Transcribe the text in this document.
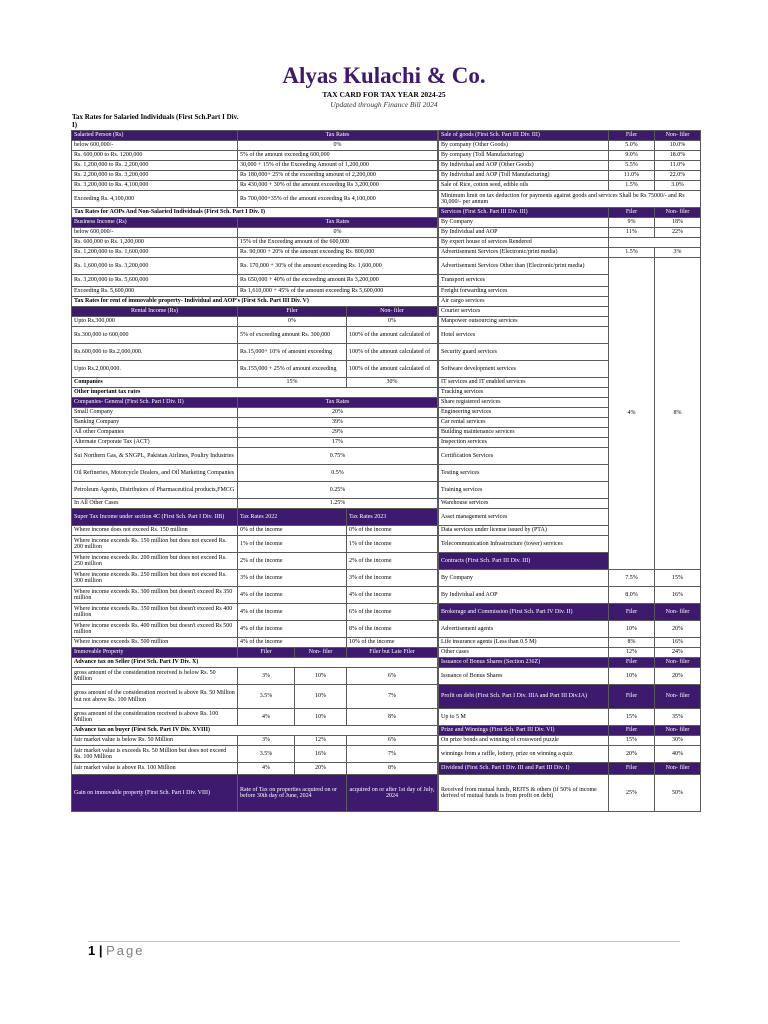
Alyas Kulachi & Co.
TAX CARD FOR TAX YEAR 2024-25
Updated through Finance Bill 2024
Tax Rates for Salaried Individuals (First Sch.Part I Div. I)
Salaried Person (Rs)	Tax Rates		
below 600,000/-	0%		
Rs. 600,000 to Rs. 1200,000	5% of the amount exceeding 600,000		
Rs. 1,200,000 to Rs. 2,200,000	30,000 + 15% of the Exceeding Amount of 1,200,000		
Rs. 2,200,000 to Rs. 3,200,000	Rs 180,000+ 25% of the exceeding amount of 2,200,000		
Rs. 3,200,000 to Rs. 4,100,000	Rs 430,000 + 30% of the amount exceeding Rs 3,200,000		
Exceeding Rs. 4,100,000	Rs 700,000+35% of the amount exceeding Rs 4,100,000		
Tax Rates for AOPs And Non-Salaried Individuals (First Sch. Part I Div. I)			
Business Income (Rs)	Tax Rates		
below 600,000/-	0%		
Rs. 600,000 to Rs. 1,200,000	15% of the Exceeding amount of the 600,000		
Rs. 1,200,000 to Rs. 1,600,000	Rs. 90,000 + 20% of the amount exceeding Rs. 800,000		
Rs. 1,600,000 to Rs. 3,200,000	Rs. 170,000 + 30% of the amount exceeding Rs. 1,600,000		
Rs. 3,200,000 to Rs. 5,600,000	Rs 650,000 + 40% of the exceeding amount Rs 3,200,000		
Exceeding Rs. 5,600,000	Rs 1,610,000 + 45% of the amount exceeding Rs 5,600,000		
Tax Rates for rent of immovable property- Individual and AOP's (First Sch. Part III Div. V)			
Rental Income (Rs)	Filer		Non- filer
Upto Rs.300,000	0%		0%
Rs.300,000 to 600,000	5% of exceeding amount Rs. 300,000		100% of the amount calculated of
Rs.600,000 to Rs.2,000,000.	Rs.15,000+ 10% of amount exceeding		100% of the amount calculated of
Upto Rs.2,000,000.	Rs.155,000 + 25% of amount exceeding		100% of the amount calculated of
Companies	15%		30%
Other important tax rates			
Companies- General (First Sch. Part I Div. II)	Tax Rates		
Small Company	20%		
Banking Company	39%		
All other Companies	29%		
Alternate Corporate Tax (ACT)	17%		
Sui Northern Gas, & SNGPL, Pakistan Airlines, Poultry Industries	0.75%		
Oil Refineries, Motorcycle Dealers, and Oil Marketing Companies	0.5%		
Petroleum Agents, Distributors of Pharmaceutical products,FMCG	0.25%		
In All Other Cases	1.25%		
Super Tax Income under section 4C (First Sch. Part I Div. IIB)	Tax Rates 2022		Tax Rates 2023
Where income does not exceed Rs. 150 million	0% of the income		0% of the income
Where income exceeds Rs. 150 million but does not exceed Rs. 200 million	1% of the income		1% of the income
Where income exceeds Rs. 200 million but does not exceed Rs. 250 million	2% of the income		2% of the income
Where income exceeds Rs. 250 million but does not exceed Rs. 300 million	3% of the income		3% of the income
Where income exceeds Rs. 300 million but doesn't exceed Rs 350 million	4% of the income		4% of the income
Where income exceeds Rs. 350 million but doesn't exceed Rs 400 million	4% of the income		6% of the income
Where income exceeds Rs. 400 million but doesn't exceed Rs 500 million	4% of the income		8% of the income
Where income exceeds Rs. 500 million	4% of the income		10% of the income
Immovable Property	Filer	Non- filer	Filer but Late Filer
Advance tax on Seller (First Sch. Part IV Div. X)			
gross amount of the consideration received is below Rs. 50 Million	3%	10%	6%
gross amount of the consideration received is above Rs. 50 Million but not above Rs. 100 Million	3.5%	10%	7%
gross amount of the consideration received is above Rs. 100 Million	4%	10%	8%
Advance tax on buyer (First Sch. Part IV Div. XVIII)			
fair market value is below Rs. 50 Million	3%	12%	6%
fair market value is exceeds Rs. 50 Million but does not exceed Rs. 100 Million	3.5%	16%	7%
fair market value is above Rs. 100 Million	4%	20%	8%
Gain on immovable property (First Sch. Part I Div. VIII)	Rate of Tax on properties acquired on or before 30th day of June, 2024		acquired on or after 1st day of July, 2024
Sale of goods (First Sch. Part III Div. III)	Filer	Non- filer	
By company (Other Goods)	5.0%	10.0%	
By company (Toll Manufacturing)	9.0%	18.0%	
By Individual and AOP (Other Goods)	5.5%	11.0%	
By Individual and AOP (Toll Manufacturing)	11.0%	22.0%	
Sale of Rice, cotton seed, edible oils	1.5%	3.0%	
Minimum limit on tax deduction for payments against goods and services Shall be Rs 75000/- and Rs 30,000/- per annum			
Services (First Sch. Part III Div. III)	Filer	Non- filer	
By Company	9%	18%	
By Individual and AOP	11%	22%	
By expert house of services Rendered			
Advertisement Services (Electronic/print media)	1.5%	3%	
Advertisement Services Other than (Electronic/print media)	4%	8%	
Transport services			
Freight forwarding services			
Air cargo services			
Courier services			
Manpower outsourcing services			
Hotel services			
Security guard services			
Software development services			
IT services and IT enabled services			
Tracking services			
Share registered services			
Engineering services			
Car rental services			
Building maintenance services			
Inspection services			
Certification Services			
Testing services			
Training services			
Warehouse services			
Asset management services			
Data services under license issued by (PTA)			
Telecommunication Infrastructure (tower) services			
Contracts (First Sch. Part III Div. III)		
By Company	7.5%	15%	
By Individual and AOP	8.0%	16%	
Brokerage and Commission (First Sch. Part IV Div. II)	Filer	Non- filer	
Advertisement agents	10%	20%	
Life insurance agents (Less than 0.5 M)	8%	16%	
Other cases	12%	24%	
Issuance of Bonus Shares (Section 236Z)	Filer	Non- filer	
Issuance of Bonus Shares	10%	20%	
Profit on debt (First Sch. Part I Div. IIIA and Part III Div.IA)	Filer	Non- filer	
Up to 5 M	15%	35%	
Prize and Winnings (First Sch. Part III Div. VI)	Filer	Non- filer	
On prize bonds and winning of crossword puzzle	15%	30%	
winnings from a raffle, lottery, prize on winning a quiz	20%	40%	
Dividend (First Sch. Part I Div. III and Part III Div. I)	Filer	Non- filer	
Received from mutual funds, REITS & others (if 50% of income derived of mutual funds is from profit on debt)	25%	50%	
1 | Page
